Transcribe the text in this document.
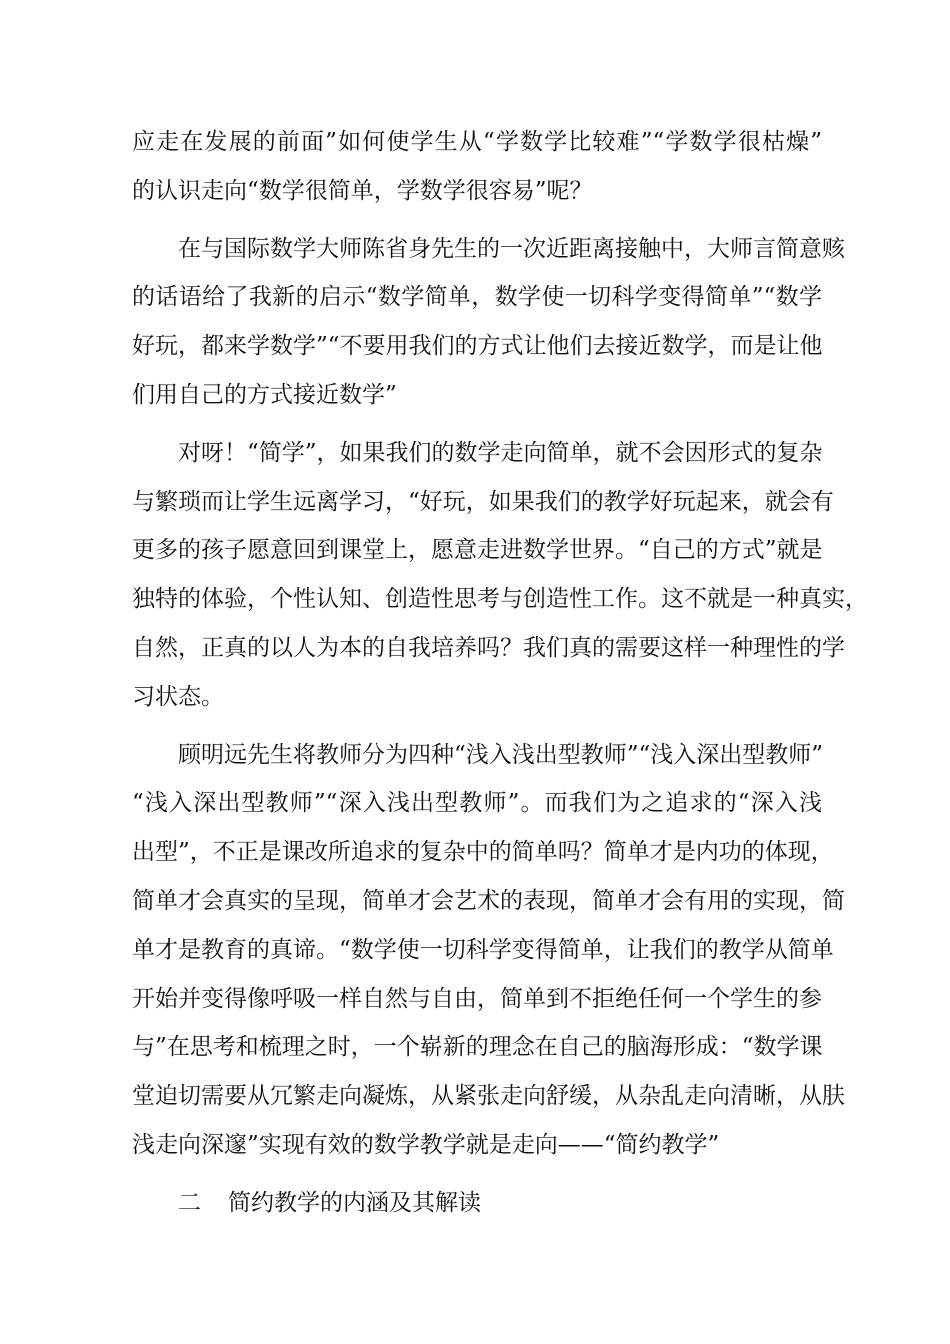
应走在发展的前面”如何使学生从“学数学比较难”“学数学很枯燥”
的认识走向“数学很简单，学数学很容易”呢？
　　在与国际数学大师陈省身先生的一次近距离接触中，大师言简意赅
的话语给了我新的启示“数学简单，数学使一切科学变得简单”“数学
好玩，都来学数学”“不要用我们的方式让他们去接近数学，而是让他
们用自己的方式接近数学”
　　对呀！“简学”，如果我们的数学走向简单，就不会因形式的复杂
与繁琐而让学生远离学习，“好玩，如果我们的教学好玩起来，就会有
更多的孩子愿意回到课堂上，愿意走进数学世界。“自己的方式”就是
独特的体验，个性认知、创造性思考与创造性工作。这不就是一种真实，
自然，正真的以人为本的自我培养吗？我们真的需要这样一种理性的学
习状态。
　　顾明远先生将教师分为四种“浅入浅出型教师”“浅入深出型教师”
“浅入深出型教师”“深入浅出型教师”。而我们为之追求的“深入浅
出型”，不正是课改所追求的复杂中的简单吗？简单才是内功的体现，
简单才会真实的呈现，简单才会艺术的表现，简单才会有用的实现，简
单才是教育的真谛。“数学使一切科学变得简单，让我们的教学从简单
开始并变得像呼吸一样自然与自由，简单到不拒绝任何一个学生的参
与”在思考和梳理之时，一个崭新的理念在自己的脑海形成：“数学课
堂迫切需要从冗繁走向凝炼，从紧张走向舒缓，从杂乱走向清晰，从肤
浅走向深邃”实现有效的数学教学就是走向——“简约教学”
二 简约教学的内涵及其解读
